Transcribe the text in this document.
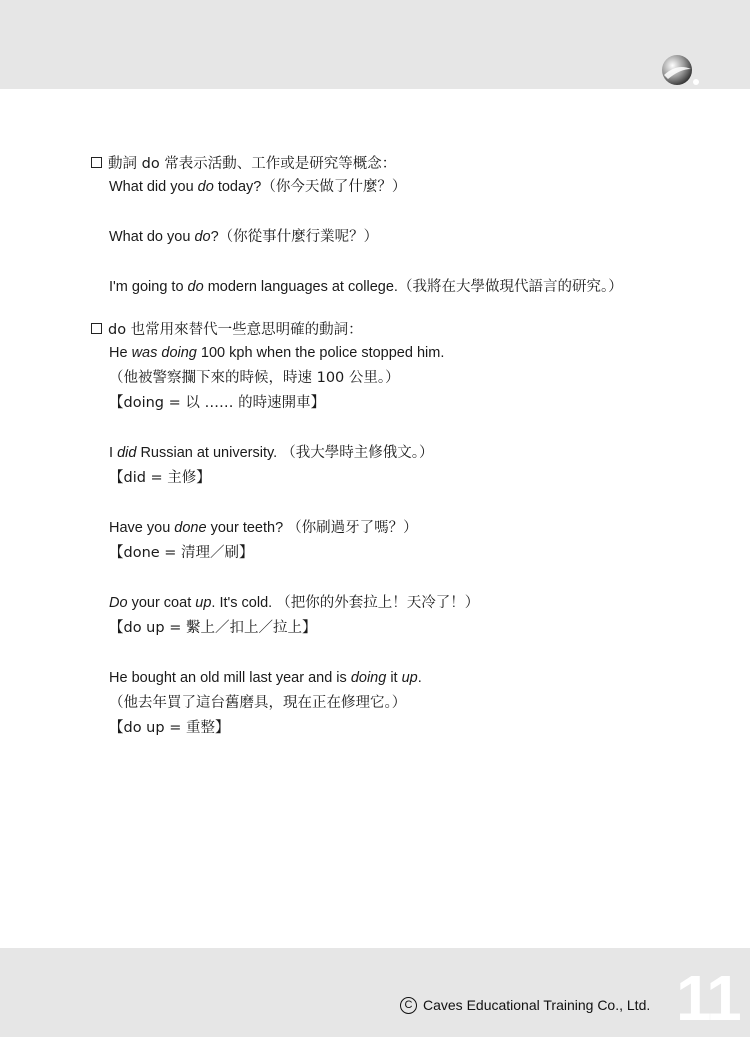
動詞 do 常表示活動、工作或是研究等概念：
What did you do today?（你今天做了什麼？）
What do you do?（你從事什麼行業呢？）
I'm going to do modern languages at college.（我將在大學做現代語言的研究。）
do 也常用來替代一些意思明確的動詞：
He was doing 100 kph when the police stopped him.
（他被警察攔下來的時候，時速 100 公里。）
【doing = 以 …… 的時速開車】
I did Russian at university. （我大學時主修俄文。）
【did = 主修】
Have you done your teeth? （你刷過牙了嗎？）
【done = 清理／刷】
Do your coat up. It's cold. （把你的外套拉上！天冷了！）
【do up = 繫上／扣上／拉上】
He bought an old mill last year and is doing it up.
（他去年買了這台舊磨具，現在正在修理它。）
【do up = 重整】
C Caves Educational Training Co., Ltd. 11
